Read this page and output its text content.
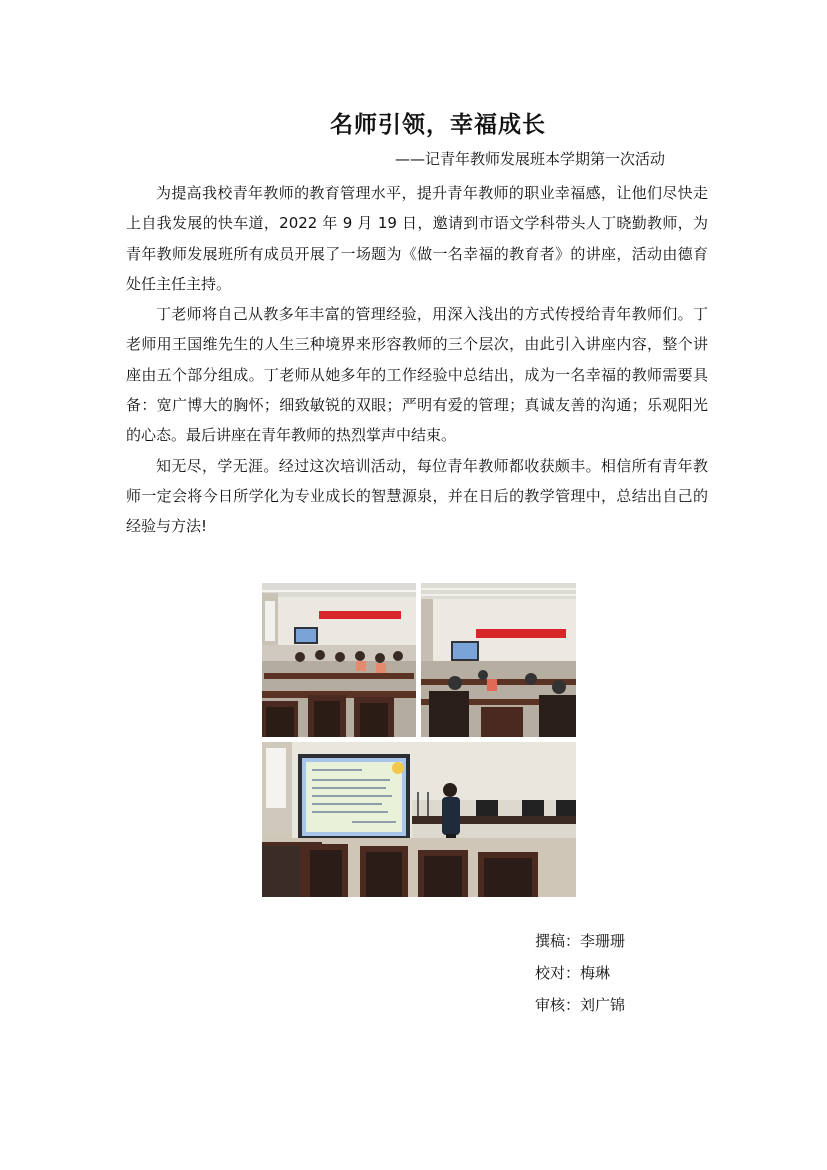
名师引领，幸福成长
——记青年教师发展班本学期第一次活动

为提高我校青年教师的教育管理水平，提升青年教师的职业幸福感，让他们尽快走上自我发展的快车道，2022 年 9 月 19 日，邀请到市语文学科带头人丁晓勤教师，为青年教师发展班所有成员开展了一场题为《做一名幸福的教育者》的讲座，活动由德育处任主任主持。

丁老师将自己从教多年丰富的管理经验，用深入浅出的方式传授给青年教师们。丁老师用王国维先生的人生三种境界来形容教师的三个层次，由此引入讲座内容，整个讲座由五个部分组成。丁老师从她多年的工作经验中总结出，成为一名幸福的教师需要具备：宽广博大的胸怀；细致敏锐的双眼；严明有爱的管理；真诚友善的沟通；乐观阳光的心态。最后讲座在青年教师的热烈掌声中结束。

知无尽，学无涯。经过这次培训活动，每位青年教师都收获颇丰。相信所有青年教师一定会将今日所学化为专业成长的智慧源泉，并在日后的教学管理中，总结出自己的经验与方法!

撰稿：李珊珊
校对：梅琳
审核：刘广锦
